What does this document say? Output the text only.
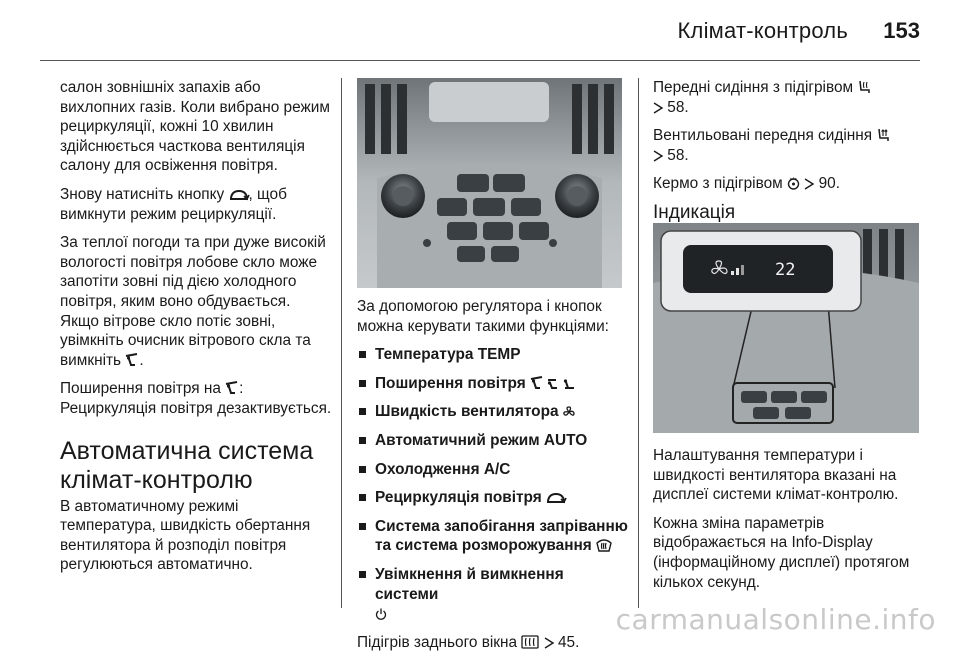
Клімат-контроль 153

салон зовнішніх запахів або вихлопних газів. Коли вибрано режим рециркуляції, кожні 10 хвилин здійснюється часткова вентиляція салону для освіження повітря.

Знову натисніть кнопку , щоб вимкнути режим рециркуляції.

За теплої погоди та при дуже високій вологості повітря лобове скло може запотіти зовні під дією холодного повітря, яким воно обдувається. Якщо вітрове скло потіє зовні, увімкніть очисник вітрового скла та вимкніть .

Поширення повітря на :
Рециркуляція повітря дезактивується.

Автоматична система клімат-контролю

В автоматичному режимі температура, швидкість обертання вентилятора й розподіл повітря регулюються автоматично.

За допомогою регулятора і кнопок можна керувати такими функціями:

Температура TEMP
Поширення повітря
Швидкість вентилятора
Автоматичний режим AUTO
Охолодження A/C
Рециркуляція повітря
Система запобігання запріванню та система розморожування
Увімкнення й вимкнення системи

Підігрів заднього вікна	45.

Передні сидіння з підігрівом
58.

Вентильовані передня сидіння
58.

Кермо з підігрівом 90.

Індикація
22

Налаштування температури і швидкості вентилятора вказані на дисплеї системи клімат-контролю.

Кожна зміна параметрів відображається на Info-Display (інформаційному дисплеї) протягом кількох секунд.

carmanualsonline.info
